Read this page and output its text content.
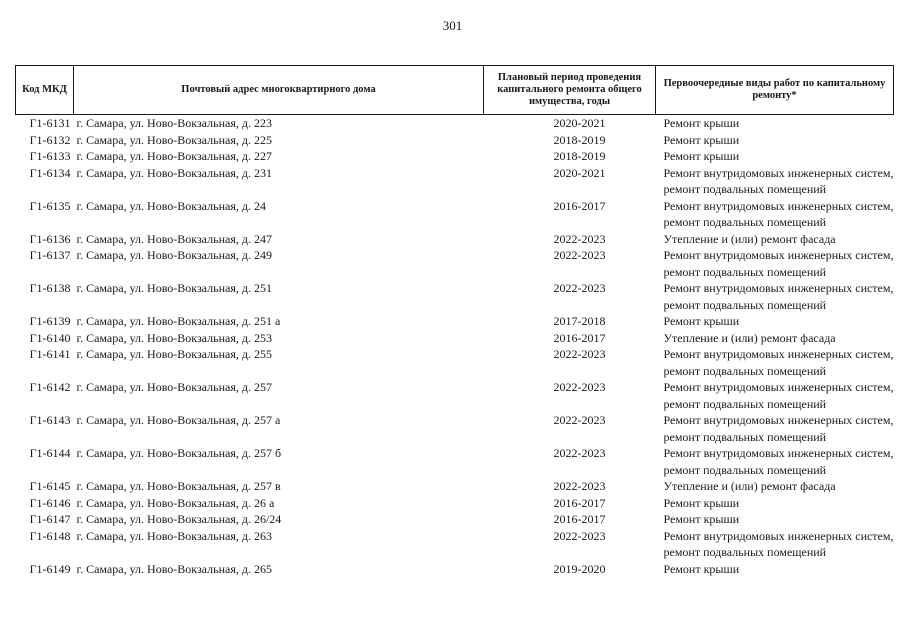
301
Код МКД	Почтовый адрес многоквартирного дома	Плановый период проведения капитального ремонта общего имущества, годы	Первоочередные виды работ по капитальному ремонту*
Г1-6131	г. Самара, ул. Ново-Вокзальная, д. 223	2020-2021	Ремонт крыши

Г1-6132	г. Самара, ул. Ново-Вокзальная, д. 225	2018-2019	Ремонт крыши

Г1-6133	г. Самара, ул. Ново-Вокзальная, д. 227	2018-2019	Ремонт крыши

Г1-6134	г. Самара, ул. Ново-Вокзальная, д. 231	2020-2021	Ремонт внутридомовых инженерных систем,
ремонт подвальных помещений

Г1-6135	г. Самара, ул. Ново-Вокзальная, д. 24	2016-2017	Ремонт внутридомовых инженерных систем,
ремонт подвальных помещений

Г1-6136	г. Самара, ул. Ново-Вокзальная, д. 247	2022-2023	Утепление и (или) ремонт фасада

Г1-6137	г. Самара, ул. Ново-Вокзальная, д. 249	2022-2023	Ремонт внутридомовых инженерных систем,
ремонт подвальных помещений

Г1-6138	г. Самара, ул. Ново-Вокзальная, д. 251	2022-2023	Ремонт внутридомовых инженерных систем,
ремонт подвальных помещений

Г1-6139	г. Самара, ул. Ново-Вокзальная, д. 251 а	2017-2018	Ремонт крыши

Г1-6140	г. Самара, ул. Ново-Вокзальная, д. 253	2016-2017	Утепление и (или) ремонт фасада

Г1-6141	г. Самара, ул. Ново-Вокзальная, д. 255	2022-2023	Ремонт внутридомовых инженерных систем,
ремонт подвальных помещений

Г1-6142	г. Самара, ул. Ново-Вокзальная, д. 257	2022-2023	Ремонт внутридомовых инженерных систем,
ремонт подвальных помещений

Г1-6143	г. Самара, ул. Ново-Вокзальная, д. 257 а	2022-2023	Ремонт внутридомовых инженерных систем,
ремонт подвальных помещений

Г1-6144	г. Самара, ул. Ново-Вокзальная, д. 257 б	2022-2023	Ремонт внутридомовых инженерных систем,
ремонт подвальных помещений

Г1-6145	г. Самара, ул. Ново-Вокзальная, д. 257 в	2022-2023	Утепление и (или) ремонт фасада

Г1-6146	г. Самара, ул. Ново-Вокзальная, д. 26 а	2016-2017	Ремонт крыши

Г1-6147	г. Самара, ул. Ново-Вокзальная, д. 26/24	2016-2017	Ремонт крыши

Г1-6148	г. Самара, ул. Ново-Вокзальная, д. 263	2022-2023	Ремонт внутридомовых инженерных систем,
ремонт подвальных помещений

Г1-6149	г. Самара, ул. Ново-Вокзальная, д. 265	2019-2020	Ремонт крыши
